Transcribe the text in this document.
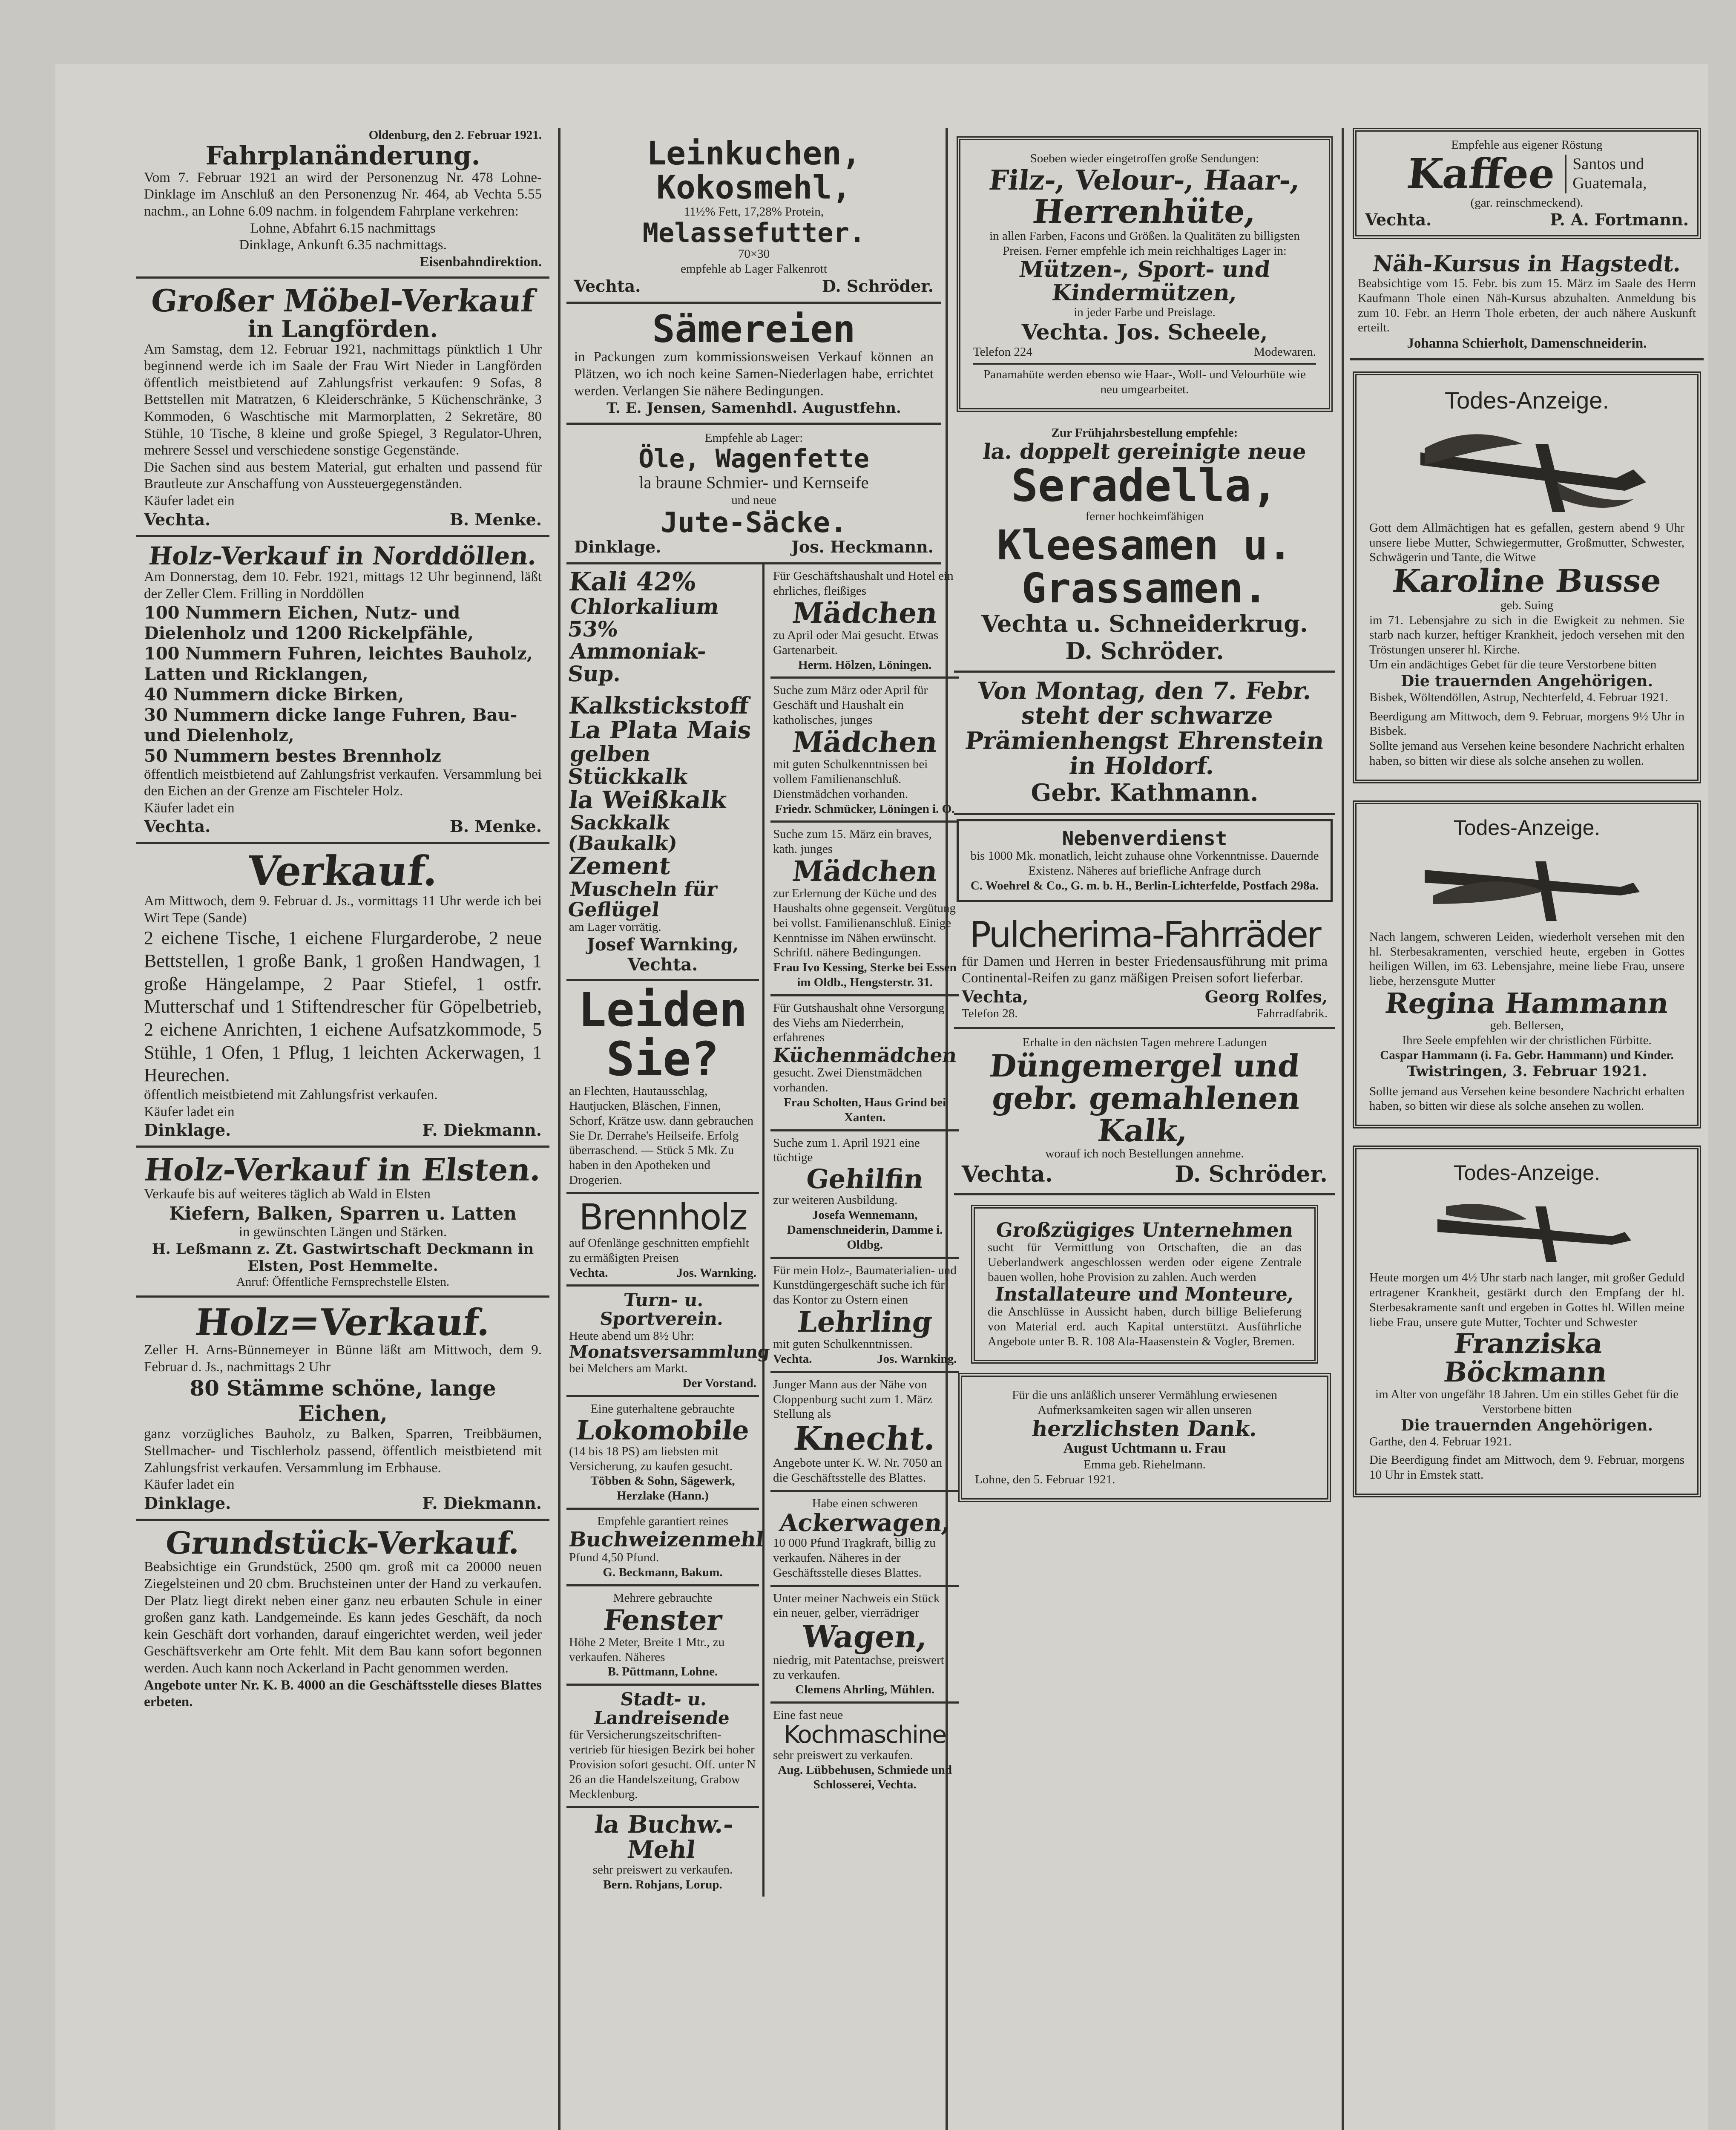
Oldenburg, den 2. Februar 1921.
Fahrplanänderung.
Vom 7. Februar 1921 an wird der Personenzug Nr. 478 Lohne-Dinklage im Anschluß an den Personenzug Nr. 464, ab Vechta 5.55 nachm., an Lohne 6.09 nachm. in folgendem Fahrplane verkehren:
Lohne, Abfahrt 6.15 nachmittags
Dinklage, Ankunft 6.35 nachmittags.
Eisenbahndirektion.
Großer Möbel-Verkauf
in Langförden.
Am Samstag, dem 12. Februar 1921, nachmittags pünktlich 1 Uhr beginnend werde ich im Saale der Frau Wirt Nieder in Langförden öffentlich meistbietend auf Zahlungsfrist verkaufen: 9 Sofas, 8 Bettstellen mit Matratzen, 6 Kleiderschränke, 5 Küchenschränke, 3 Kommoden, 6 Waschtische mit Marmorplatten, 2 Sekretäre, 80 Stühle, 10 Tische, 8 kleine und große Spiegel, 3 Regulator-Uhren, mehrere Sessel und verschiedene sonstige Gegenstände.
Die Sachen sind aus bestem Material, gut erhalten und passend für Brautleute zur Anschaffung von Aussteuergegenständen.
Käufer ladet ein
Vechta.	B. Menke.
Holz-Verkauf in Norddöllen.
Am Donnerstag, dem 10. Febr. 1921, mittags 12 Uhr beginnend, läßt der Zeller Clem. Frilling in Norddöllen
100 Nummern Eichen, Nutz- und Dielenholz und 1200 Rickelpfähle,
100 Nummern Fuhren, leichtes Bauholz, Latten und Ricklangen,
40 Nummern dicke Birken,
30 Nummern dicke lange Fuhren, Bau- und Dielenholz,
50 Nummern bestes Brennholz
öffentlich meistbietend auf Zahlungsfrist verkaufen. Versammlung bei den Eichen an der Grenze am Fischteler Holz.
Käufer ladet ein
Vechta.	B. Menke.
Verkauf.
Am Mittwoch, dem 9. Februar d. Js., vormittags 11 Uhr werde ich bei Wirt Tepe (Sande)
2 eichene Tische, 1 eichene Flurgarderobe, 2 neue Bettstellen, 1 große Bank, 1 großen Handwagen, 1 große Hängelampe, 2 Paar Stiefel, 1 ostfr. Mutterschaf und 1 Stiftendrescher für Göpelbetrieb, 2 eichene Anrichten, 1 eichene Aufsatzkommode, 5 Stühle, 1 Ofen, 1 Pflug, 1 leichten Ackerwagen, 1 Heurechen.
öffentlich meistbietend mit Zahlungsfrist verkaufen.
Käufer ladet ein
Dinklage.	F. Diekmann.
Holz-Verkauf in Elsten.
Verkaufe bis auf weiteres täglich ab Wald in Elsten
Kiefern, Balken, Sparren u. Latten
in gewünschten Längen und Stärken.
H. Leßmann z. Zt. Gastwirtschaft Deckmann in Elsten, Post Hemmelte.
Anruf: Öffentliche Fernsprechstelle Elsten.
Holz=Verkauf.
Zeller H. Arns-Bünnemeyer in Bünne läßt am Mittwoch, dem 9. Februar d. Js., nachmittags 2 Uhr
80 Stämme schöne, lange Eichen,
ganz vorzügliches Bauholz, zu Balken, Sparren, Treibbäumen, Stellmacher- und Tischlerholz passend, öffentlich meistbietend mit Zahlungsfrist verkaufen. Versammlung im Erbhause.
Käufer ladet ein
Dinklage.	F. Diekmann.
Grundstück-Verkauf.
Beabsichtige ein Grundstück, 2500 qm. groß mit ca 20000 neuen Ziegelsteinen und 20 cbm. Bruchsteinen unter der Hand zu verkaufen. Der Platz liegt direkt neben einer ganz neu erbauten Schule in einer großen ganz kath. Landgemeinde. Es kann jedes Geschäft, da noch kein Geschäft dort vorhanden, darauf eingerichtet werden, weil jeder Geschäftsverkehr am Orte fehlt. Mit dem Bau kann sofort begonnen werden. Auch kann noch Ackerland in Pacht genommen werden.
Angebote unter Nr. K. B. 4000 an die Geschäftsstelle dieses Blattes erbeten.
Leinkuchen,
Kokosmehl,
11½% Fett, 17,28% Protein,
Melassefutter.
70×30
empfehle ab Lager Falkenrott
Vechta.	D. Schröder.
Sämereien
in Packungen zum kommissionsweisen Verkauf können an Plätzen, wo ich noch keine Samen-Niederlagen habe, errichtet werden. Verlangen Sie nähere Bedingungen.
T. E. Jensen, Samenhdl. Augustfehn.
Empfehle ab Lager:
Öle, Wagenfette
la braune Schmier- und Kernseife
und neue
Jute-Säcke.
Dinklage.	Jos. Heckmann.
Kali 42%
Chlorkalium 53%
Ammoniak-Sup.
Kalkstickstoff
La Plata Mais
gelben Stückkalk
la Weißkalk
Sackkalk (Baukalk)
Zement
Muscheln für Geflügel
am Lager vorrätig.
Josef Warnking,
Vechta.
Leiden
Sie?
an Flechten, Hautausschlag, Hautjucken, Bläschen, Finnen, Schorf, Krätze usw. dann gebrauchen Sie Dr. Derrahe's Heilseife. Erfolg überraschend. — Stück 5 Mk. Zu haben in den Apotheken und Drogerien.
Brennholz
auf Ofenlänge geschnitten empfiehlt zu ermäßigten Preisen
Vechta.	Jos. Warnking.
Turn- u. Sportverein.
Heute abend um 8½ Uhr:
Monatsversammlung
bei Melchers am Markt.
Der Vorstand.
Eine guterhaltene gebrauchte
Lokomobile
(14 bis 18 PS) am liebsten mit Versicherung, zu kaufen gesucht.
Többen & Sohn, Sägewerk, Herzlake (Hann.)
Empfehle garantiert reines
Buchweizenmehl
Pfund 4,50 Pfund.
G. Beckmann, Bakum.
Mehrere gebrauchte
Fenster
Höhe 2 Meter, Breite 1 Mtr., zu verkaufen. Näheres
B. Püttmann, Lohne.
Stadt- u. Landreisende
für Versicherungszeitschriften-vertrieb für hiesigen Bezirk bei hoher Provision sofort gesucht. Off. unter N 26 an die Handelszeitung, Grabow Mecklenburg.
la Buchw.-Mehl
sehr preiswert zu verkaufen.
Bern. Rohjans, Lorup.
Für Geschäftshaushalt und Hotel ein ehrliches, fleißiges
Mädchen
zu April oder Mai gesucht. Etwas Gartenarbeit.
Herm. Hölzen, Löningen.
Suche zum März oder April für Geschäft und Haushalt ein katholisches, junges
Mädchen
mit guten Schulkenntnissen bei vollem Familienanschluß. Dienstmädchen vorhanden.
Friedr. Schmücker, Löningen i. O.
Suche zum 15. März ein braves, kath. junges
Mädchen
zur Erlernung der Küche und des Haushalts ohne gegenseit. Vergütung bei vollst. Familienanschluß. Einige Kenntnisse im Nähen erwünscht. Schriftl. nähere Bedingungen.
Frau Ivo Kessing, Sterke bei Essen im Oldb., Hengsterstr. 31.
Für Gutshaushalt ohne Versorgung des Viehs am Niederrhein, erfahrenes
Küchenmädchen
gesucht. Zwei Dienstmädchen vorhanden.
Frau Scholten, Haus Grind bei Xanten.
Suche zum 1. April 1921 eine tüchtige
Gehilfin
zur weiteren Ausbildung.
Josefa Wennemann, Damenschneiderin, Damme i. Oldbg.
Für mein Holz-, Baumaterialien- und Kunstdüngergeschäft suche ich für das Kontor zu Ostern einen
Lehrling
mit guten Schulkenntnissen.
Vechta.	Jos. Warnking.
Junger Mann aus der Nähe von Cloppenburg sucht zum 1. März Stellung als
Knecht.
Angebote unter K. W. Nr. 7050 an die Geschäftsstelle des Blattes.
Habe einen schweren
Ackerwagen,
10 000 Pfund Tragkraft, billig zu verkaufen. Näheres in der Geschäftsstelle dieses Blattes.
Unter meiner Nachweis ein Stück ein neuer, gelber, vierrädriger
Wagen,
niedrig, mit Patentachse, preiswert zu verkaufen.
Clemens Ahrling, Mühlen.
Eine fast neue
Kochmaschine
sehr preiswert zu verkaufen.
Aug. Lübbehusen, Schmiede und Schlosserei, Vechta.
Soeben wieder eingetroffen große Sendungen:
Filz-, Velour-, Haar-,
Herrenhüte,
in allen Farben, Facons und Größen. la Qualitäten zu billigsten Preisen. Ferner empfehle ich mein reichhaltiges Lager in:
Mützen-, Sport- und
Kindermützen,
in jeder Farbe und Preislage.
Vechta. Jos. Scheele,
Telefon 224	Modewaren.
Panamahüte werden ebenso wie Haar-, Woll- und Velourhüte wie neu umgearbeitet.
Zur Frühjahrsbestellung empfehle:
la. doppelt gereinigte neue
Seradella,
ferner hochkeimfähigen
Kleesamen u.
Grassamen.
Vechta u. Schneiderkrug.
D. Schröder.
Von Montag, den 7. Febr.
steht der schwarze Prämienhengst Ehrenstein in Holdorf.
Gebr. Kathmann.
Nebenverdienst
bis 1000 Mk. monatlich, leicht zuhause ohne Vorkenntnisse. Dauernde Existenz. Näheres auf briefliche Anfrage durch
C. Woehrel & Co., G. m. b. H., Berlin-Lichterfelde, Postfach 298a.
Pulcherima-Fahrräder
für Damen und Herren in bester Friedensausführung mit prima Continental-Reifen zu ganz mäßigen Preisen sofort lieferbar.
Vechta,	Georg Rolfes,
Telefon 28.	Fahrradfabrik.
Erhalte in den nächsten Tagen mehrere Ladungen
Düngemergel und
gebr. gemahlenen Kalk,
worauf ich noch Bestellungen annehme.
Vechta.	D. Schröder.
Großzügiges Unternehmen
sucht für Vermittlung von Ortschaften, die an das Ueberlandwerk angeschlossen werden oder eigene Zentrale bauen wollen, hohe Provision zu zahlen. Auch werden
Installateure und Monteure,
die Anschlüsse in Aussicht haben, durch billige Belieferung von Material erd. auch Kapital unterstützt. Ausführliche Angebote unter B. R. 108 Ala-Haasenstein & Vogler, Bremen.
Für die uns anläßlich unserer Vermählung erwiesenen Aufmerksamkeiten sagen wir allen unseren
herzlichsten Dank.
August Uchtmann u. Frau
Emma geb. Riehelmann.
Lohne, den 5. Februar 1921.
Empfehle aus eigener Röstung
Kaffee Santos und
Guatemala,
(gar. reinschmeckend).
Vechta.	P. A. Fortmann.
Näh-Kursus in Hagstedt.
Beabsichtige vom 15. Febr. bis zum 15. März im Saale des Herrn Kaufmann Thole einen Näh-Kursus abzuhalten. Anmeldung bis zum 10. Febr. an Herrn Thole erbeten, der auch nähere Auskunft erteilt.
Johanna Schierholt, Damenschneiderin.
Todes-Anzeige.
Gott dem Allmächtigen hat es gefallen, gestern abend 9 Uhr unsere liebe Mutter, Schwiegermutter, Großmutter, Schwester, Schwägerin und Tante, die Witwe
Karoline Busse
geb. Suing
im 71. Lebensjahre zu sich in die Ewigkeit zu nehmen. Sie starb nach kurzer, heftiger Krankheit, jedoch versehen mit den Tröstungen unserer hl. Kirche.
Um ein andächtiges Gebet für die teure Verstorbene bitten
Die trauernden Angehörigen.
Bisbek, Wöltendöllen, Astrup, Nechterfeld, 4. Februar 1921.
Beerdigung am Mittwoch, dem 9. Februar, morgens 9½ Uhr in Bisbek.
Sollte jemand aus Versehen keine besondere Nachricht erhalten haben, so bitten wir diese als solche ansehen zu wollen.
Todes-Anzeige.
Nach langem, schweren Leiden, wiederholt versehen mit den hl. Sterbesakramenten, verschied heute, ergeben in Gottes heiligen Willen, im 63. Lebensjahre, meine liebe Frau, unsere liebe, herzensgute Mutter
Regina Hammann
geb. Bellersen,
Ihre Seele empfehlen wir der christlichen Fürbitte.
Caspar Hammann (i. Fa. Gebr. Hammann) und Kinder.
Twistringen, 3. Februar 1921.
Sollte jemand aus Versehen keine besondere Nachricht erhalten haben, so bitten wir diese als solche ansehen zu wollen.
Todes-Anzeige.
Heute morgen um 4½ Uhr starb nach langer, mit großer Geduld ertragener Krankheit, gestärkt durch den Empfang der hl. Sterbesakramente sanft und ergeben in Gottes hl. Willen meine liebe Frau, unsere gute Mutter, Tochter und Schwester
Franziska Böckmann
im Alter von ungefähr 18 Jahren. Um ein stilles Gebet für die Verstorbene bitten
Die trauernden Angehörigen.
Garthe, den 4. Februar 1921.
Die Beerdigung findet am Mittwoch, dem 9. Februar, morgens 10 Uhr in Emstek statt.
